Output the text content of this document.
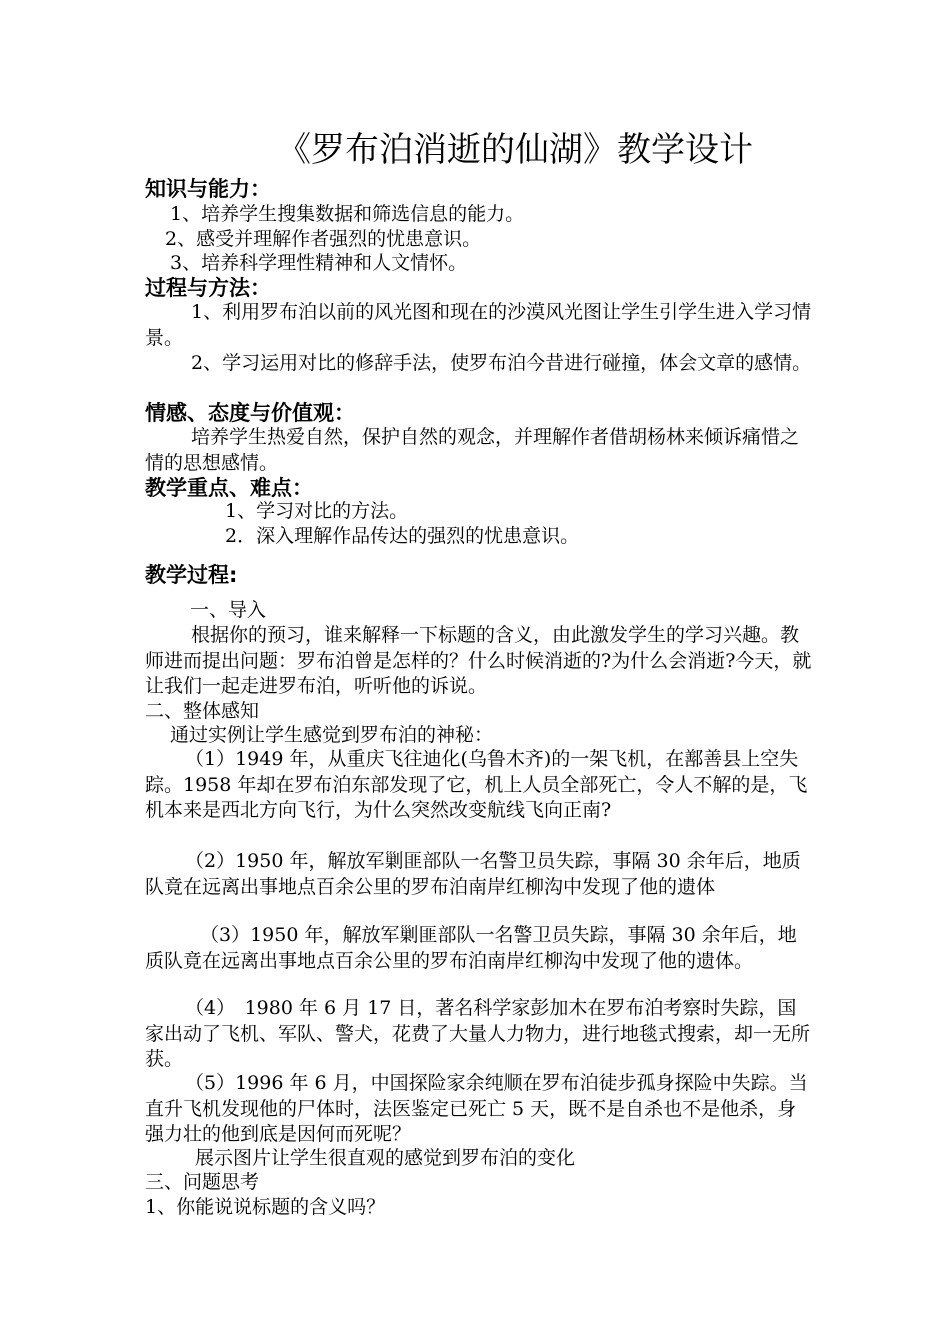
《罗布泊消逝的仙湖》教学设计
知识与能力：
1、培养学生搜集数据和筛选信息的能力。
2、感受并理解作者强烈的忧患意识。
3、培养科学理性精神和人文情怀。
过程与方法：
1、利用罗布泊以前的风光图和现在的沙漠风光图让学生引学生进入学习情景。
2、学习运用对比的修辞手法，使罗布泊今昔进行碰撞，体会文章的感情。
情感、态度与价值观：
培养学生热爱自然，保护自然的观念，并理解作者借胡杨林来倾诉痛惜之情的思想感情。
教学重点、难点：
1、学习对比的方法。
2．深入理解作品传达的强烈的忧患意识。
教学过程:
一、导入
根据你的预习，谁来解释一下标题的含义，由此激发学生的学习兴趣。教师进而提出问题：罗布泊曾是怎样的？什么时候消逝的?为什么会消逝?今天，就让我们一起走进罗布泊，听听他的诉说。
二、整体感知
通过实例让学生感觉到罗布泊的神秘：
（1）1949 年，从重庆飞往迪化(乌鲁木齐)的一架飞机，在鄯善县上空失踪。1958 年却在罗布泊东部发现了它，机上人员全部死亡，令人不解的是，飞机本来是西北方向飞行，为什么突然改变航线飞向正南?
（2）1950 年，解放军剿匪部队一名警卫员失踪，事隔 30 余年后，地质队竟在远离出事地点百余公里的罗布泊南岸红柳沟中发现了他的遗体
（3）1950 年，解放军剿匪部队一名警卫员失踪，事隔 30 余年后，地质队竟在远离出事地点百余公里的罗布泊南岸红柳沟中发现了他的遗体。
（4）　1980 年 6 月 17 日，著名科学家彭加木在罗布泊考察时失踪，国家出动了飞机、军队、警犬，花费了大量人力物力，进行地毯式搜索，却一无所获。
（5）1996 年 6 月，中国探险家余纯顺在罗布泊徒步孤身探险中失踪。当直升飞机发现他的尸体时，法医鉴定已死亡 5 天，既不是自杀也不是他杀，身强力壮的他到底是因何而死呢？
展示图片让学生很直观的感觉到罗布泊的变化
三、问题思考
1、你能说说标题的含义吗？
